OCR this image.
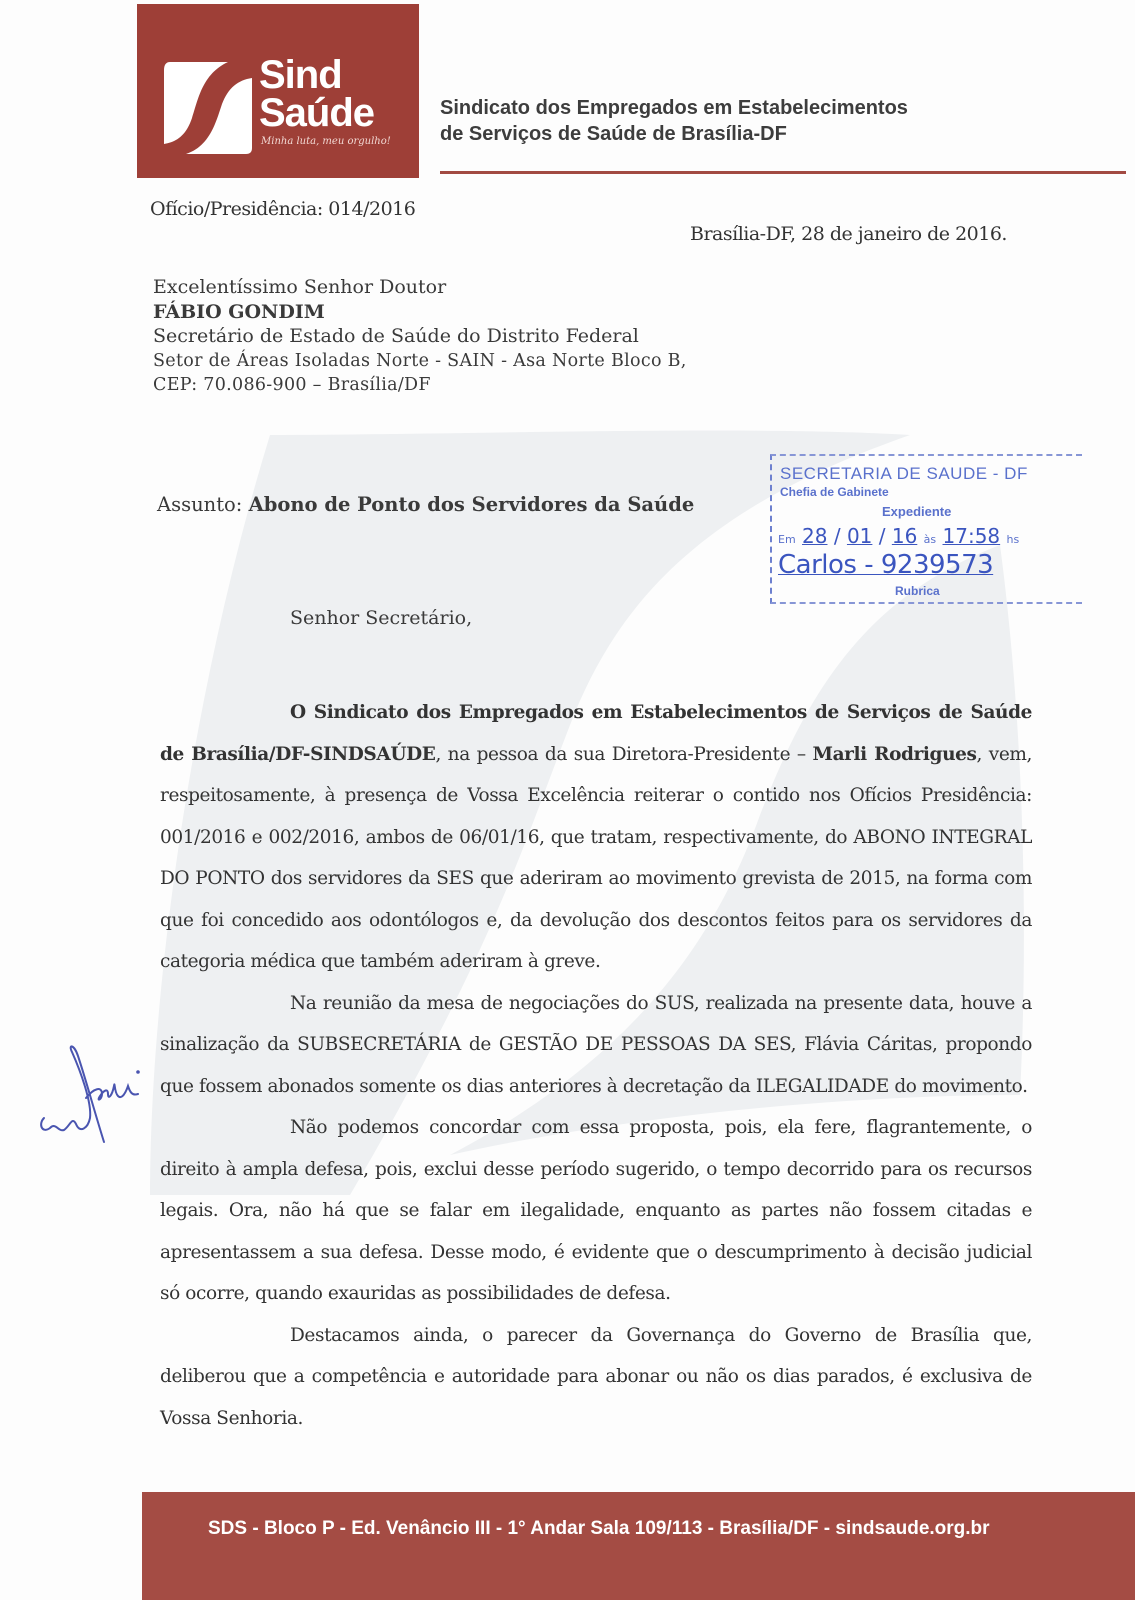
Sind
Saúde
Minha luta, meu orgulho!
Sindicato dos Empregados em Estabelecimentos
de Serviços de Saúde de Brasília-DF
Ofício/Presidência: 014/2016
Brasília-DF, 28 de janeiro de 2016.
Excelentíssimo Senhor Doutor
FÁBIO GONDIM
Secretário de Estado de Saúde do Distrito Federal
Setor de Áreas Isoladas Norte - SAIN - Asa Norte Bloco B,
CEP: 70.086-900 – Brasília/DF
Assunto: Abono de Ponto dos Servidores da Saúde
SECRETARIA DE SAUDE - DF
Chefia de Gabinete
Expediente
Em 28 / 01 / 16 às 17:58 hs
Carlos - 9239573
Rubrica
Senhor Secretário,

O Sindicato dos Empregados em Estabelecimentos de Serviços de Saúde de Brasília/DF-SINDSAÚDE, na pessoa da sua Diretora-Presidente – Marli Rodrigues, vem, respeitosamente, à presença de Vossa Excelência reiterar o contido nos Ofícios Presidência: 001/2016 e 002/2016, ambos de 06/01/16, que tratam, respectivamente, do ABONO INTEGRAL DO PONTO dos servidores da SES que aderiram ao movimento grevista de 2015, na forma com que foi concedido aos odontólogos e, da devolução dos descontos feitos para os servidores da categoria médica que também aderiram à greve.

Na reunião da mesa de negociações do SUS, realizada na presente data, houve a sinalização da SUBSECRETÁRIA de GESTÃO DE PESSOAS DA SES, Flávia Cáritas, propondo que fossem abonados somente os dias anteriores à decretação da ILEGALIDADE do movimento.

Não podemos concordar com essa proposta, pois, ela fere, flagrantemente, o direito à ampla defesa, pois, exclui desse período sugerido, o tempo decorrido para os recursos legais. Ora, não há que se falar em ilegalidade, enquanto as partes não fossem citadas e apresentassem a sua defesa. Desse modo, é evidente que o descumprimento à decisão judicial só ocorre, quando exauridas as possibilidades de defesa.

Destacamos ainda, o parecer da Governança do Governo de Brasília que, deliberou que a competência e autoridade para abonar ou não os dias parados, é exclusiva de Vossa Senhoria.

SDS - Bloco P - Ed. Venâncio III - 1° Andar Sala 109/113 - Brasília/DF - sindsaude.org.br
